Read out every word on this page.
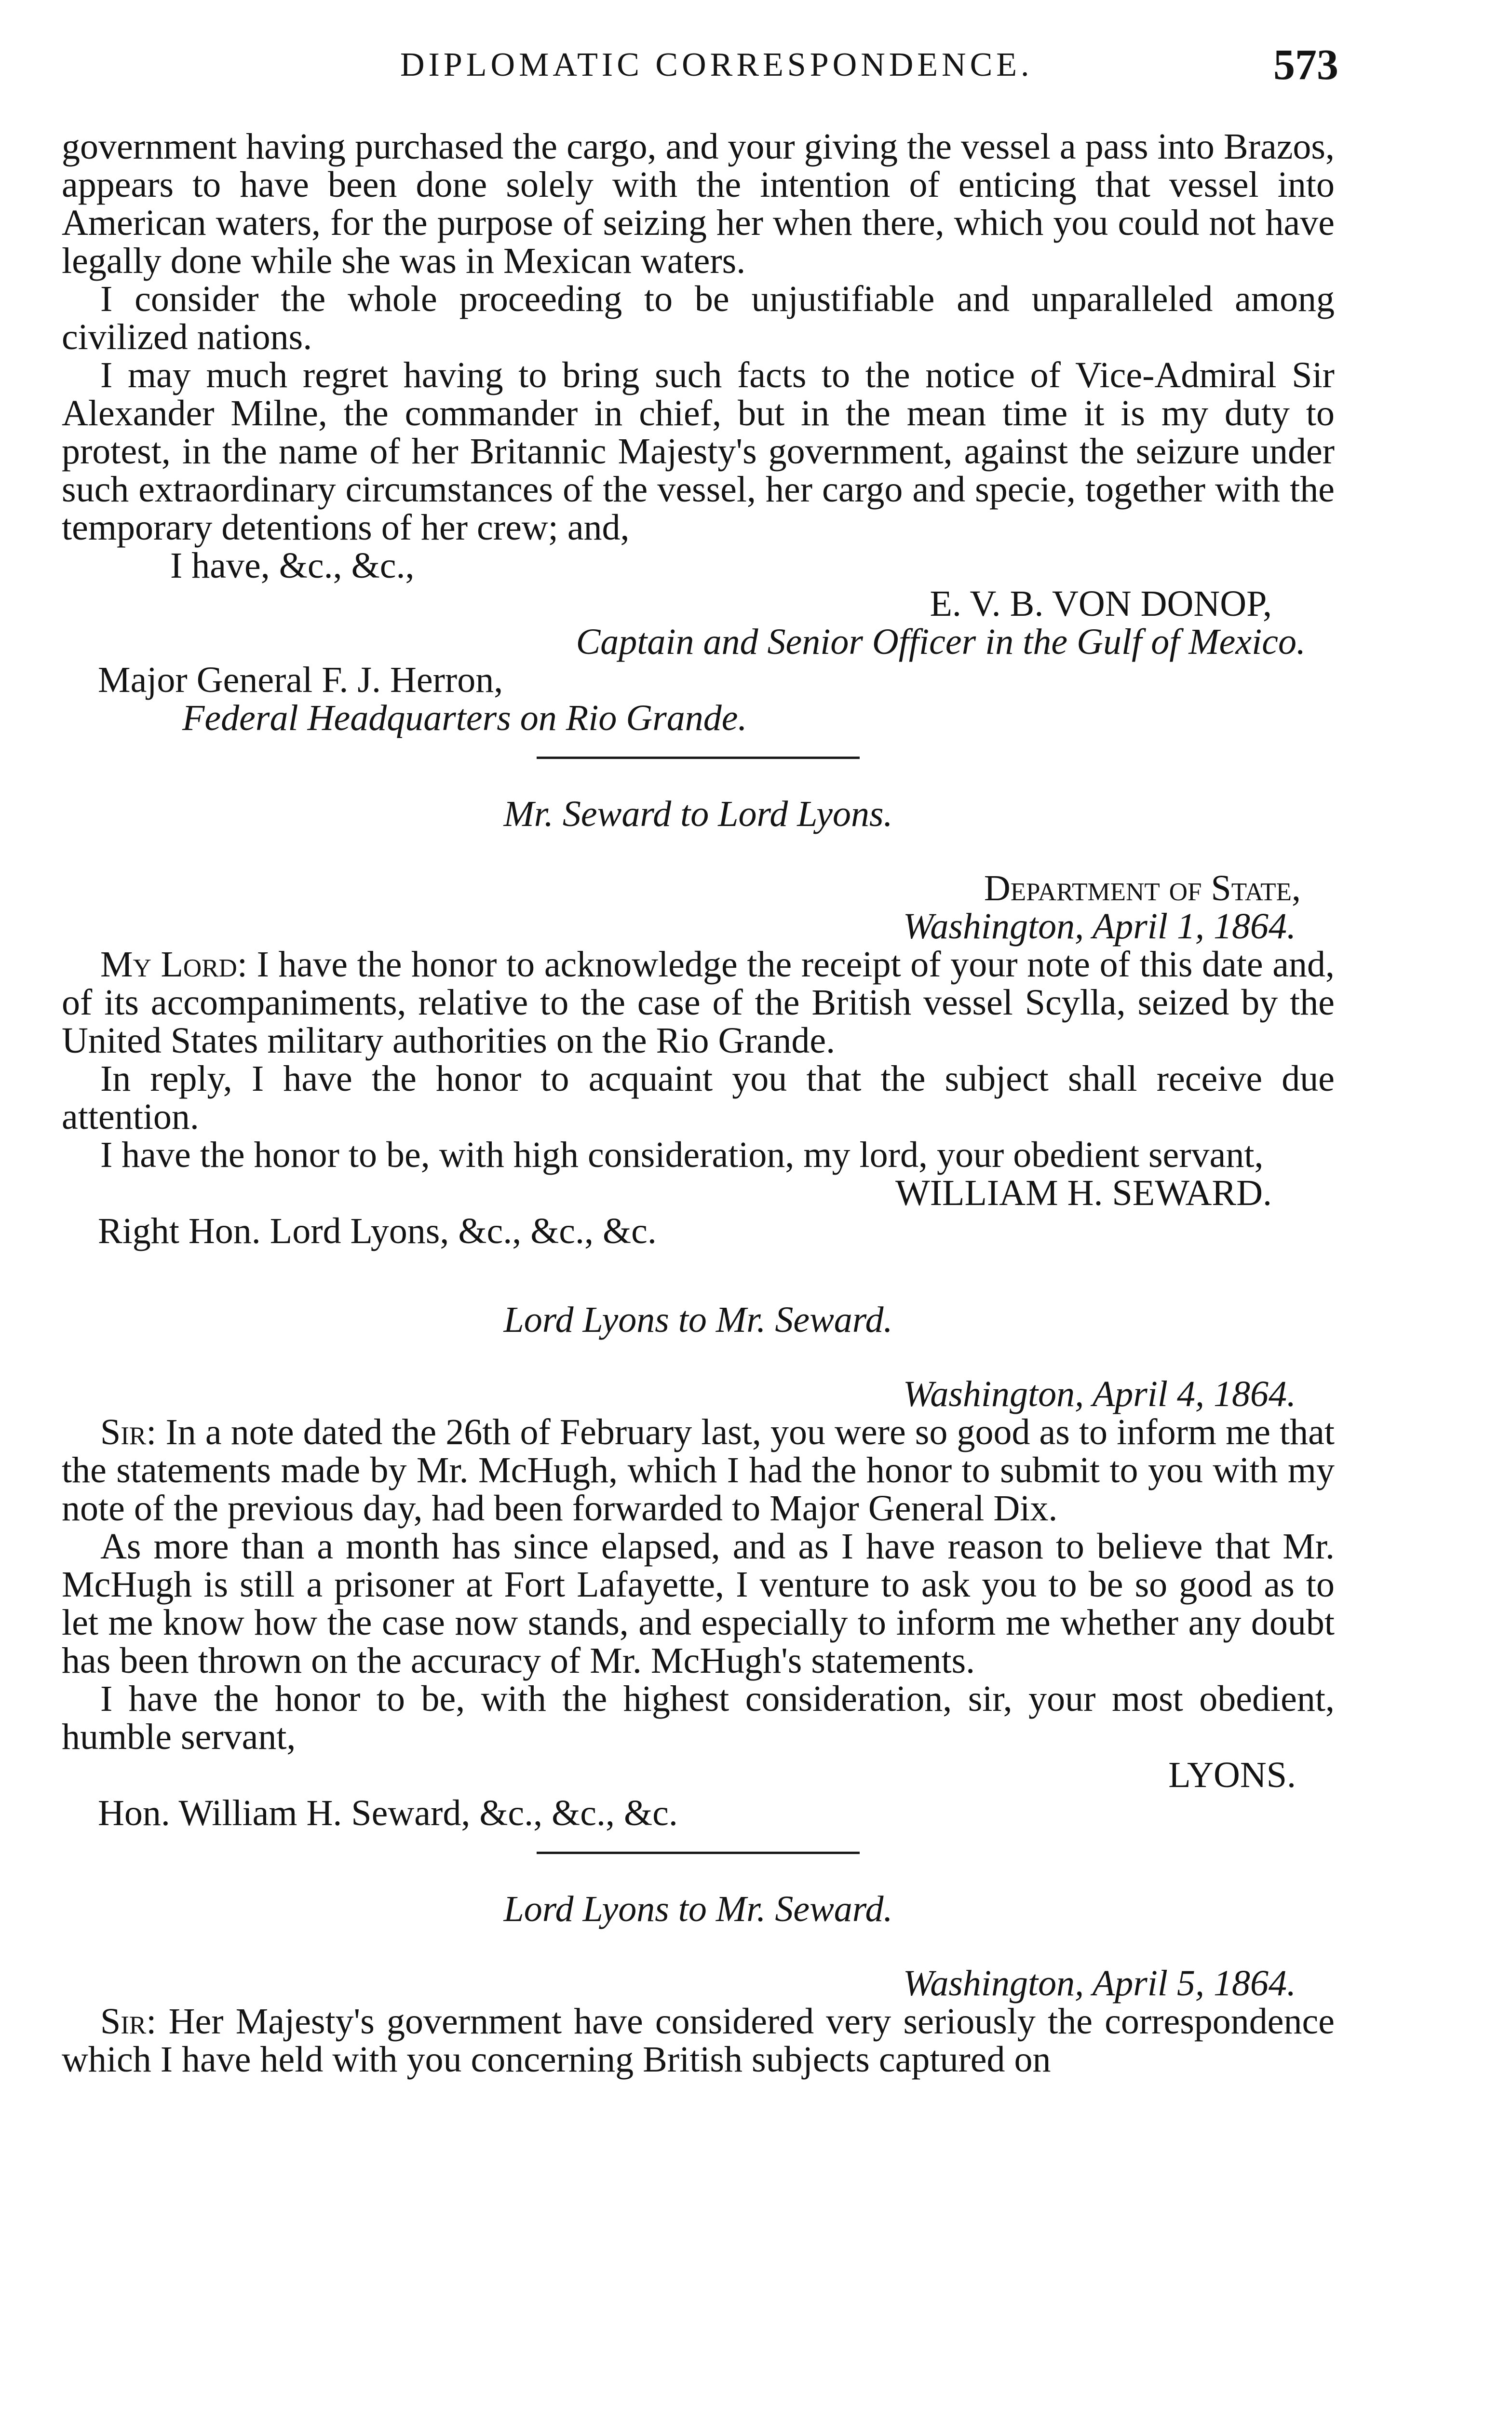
DIPLOMATIC CORRESPONDENCE.	573

government having purchased the cargo, and your giving the vessel a pass into Brazos, appears to have been done solely with the intention of enticing that vessel into American waters, for the purpose of seizing her when there, which you could not have legally done while she was in Mexican waters.

I consider the whole proceeding to be unjustifiable and unparalleled among civilized nations.

I may much regret having to bring such facts to the notice of Vice-Admiral Sir Alexander Milne, the commander in chief, but in the mean time it is my duty to protest, in the name of her Britannic Majesty's government, against the seizure under such extraordinary circumstances of the vessel, her cargo and specie, together with the temporary detentions of her crew; and,

I have, &c., &c.,

E. V. B. VON DONOP,

Captain and Senior Officer in the Gulf of Mexico.

Major General F. J. Herron,

Federal Headquarters on Rio Grande.

Mr. Seward to Lord Lyons.

Department of State,

Washington, April 1, 1864.

My Lord: I have the honor to acknowledge the receipt of your note of this date and, of its accompaniments, relative to the case of the British vessel Scylla, seized by the United States military authorities on the Rio Grande.

In reply, I have the honor to acquaint you that the subject shall receive due attention.

I have the honor to be, with high consideration, my lord, your obedient servant,

WILLIAM H. SEWARD.

Right Hon. Lord Lyons, &c., &c., &c.

Lord Lyons to Mr. Seward.

Washington, April 4, 1864.

Sir: In a note dated the 26th of February last, you were so good as to inform me that the statements made by Mr. McHugh, which I had the honor to submit to you with my note of the previous day, had been forwarded to Major General Dix.

As more than a month has since elapsed, and as I have reason to believe that Mr. McHugh is still a prisoner at Fort Lafayette, I venture to ask you to be so good as to let me know how the case now stands, and especially to inform me whether any doubt has been thrown on the accuracy of Mr. McHugh's statements.

I have the honor to be, with the highest consideration, sir, your most obedient, humble servant,

LYONS.

Hon. William H. Seward, &c., &c., &c.

Lord Lyons to Mr. Seward.

Washington, April 5, 1864.

Sir: Her Majesty's government have considered very seriously the correspondence which I have held with you concerning British subjects captured on
